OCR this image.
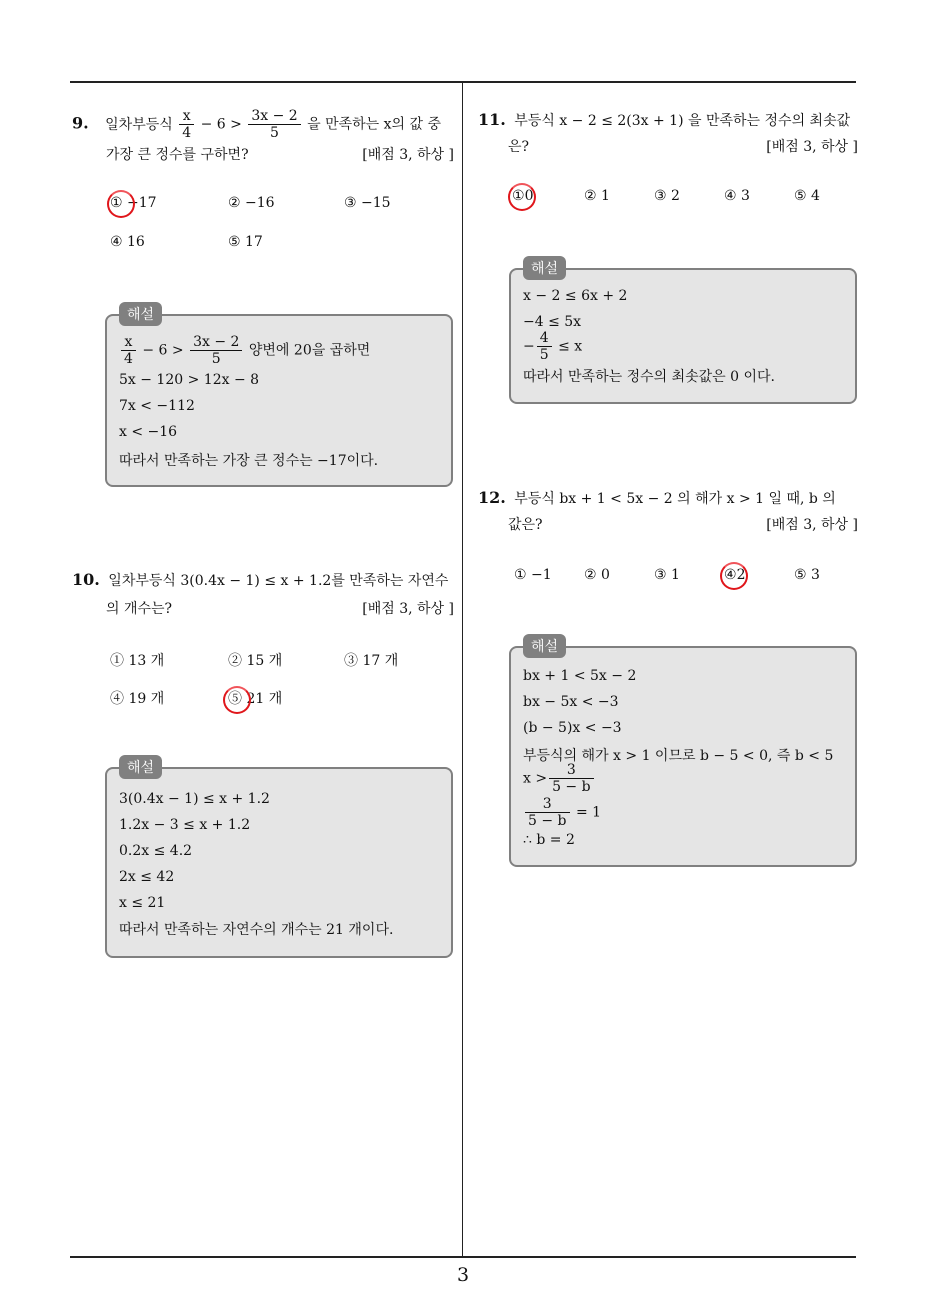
9. 일차부등식 $\frac{x}{4} - 6 > \frac{3x - 2}{5}$ 을 만족하는 x의 값 중
가장 큰 정수를 구하면?	[배점 3, 하상 ]
① −17	② −16	③ −15
④ 16	⑤ 17
해설
$\frac{x}{4} - 6 > \frac{3x - 2}{5}$ 양변에 20을 곱하면
5x − 120 > 12x − 8
7x < −112
x < −16
따라서 만족하는 가장 큰 정수는 −17이다.
10. 일차부등식 3(0.4x − 1) ≤ x + 1.2를 만족하는 자연수
의 개수는?	[배점 3, 하상 ]
① 13 개	② 15 개	③ 17 개
④ 19 개	⑤ 21 개
해설
3(0.4x − 1) ≤ x + 1.2
1.2x − 3 ≤ x + 1.2
0.2x ≤ 4.2
2x ≤ 42
x ≤ 21
따라서 만족하는 자연수의 개수는 21 개이다.
11. 부등식 x − 2 ≤ 2(3x + 1) 을 만족하는 정수의 최솟값
은?	[배점 3, 하상 ]
①0	② 1	③ 2	④ 3	⑤ 4
해설
x − 2 ≤ 6x + 2
−4 ≤ 5x
− $\frac{4}{5} \le x$
따라서 만족하는 정수의 최솟값은 0 이다.
12. 부등식 bx + 1 < 5x − 2 의 해가 x > 1 일 때, b 의
값은?	[배점 3, 하상 ]
① −1 ② 0	③ 1	④2	⑤ 3
해설
bx + 1 < 5x − 2
bx − 5x < −3
(b − 5)x < −3
부등식의 해가 x > 1 이므로 b − 5 < 0, 즉 b < 5
$x > \frac{3}{5 - b}$
$\frac{3}{5 - b} = 1$
∴ b = 2
3
